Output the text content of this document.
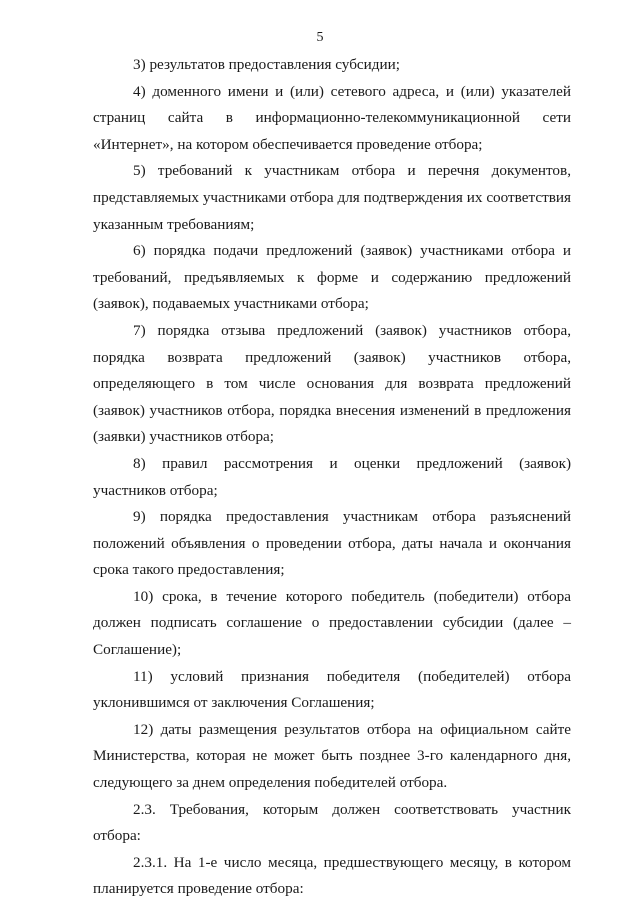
5

3) результатов предоставления субсидии;

4) доменного имени и (или) сетевого адреса, и (или) указателей страниц сайта в информационно-телекоммуникационной сети «Интернет», на котором обеспечивается проведение отбора;

5) требований к участникам отбора и перечня документов, представляемых участниками отбора для подтверждения их соответствия указанным требованиям;

6) порядка подачи предложений (заявок) участниками отбора и требований, предъявляемых к форме и содержанию предложений (заявок), подаваемых участниками отбора;

7) порядка отзыва предложений (заявок) участников отбора, порядка возврата предложений (заявок) участников отбора, определяющего в том числе основания для возврата предложений (заявок) участников отбора, порядка внесения изменений в предложения (заявки) участников отбора;

8) правил рассмотрения и оценки предложений (заявок) участников отбора;

9) порядка предоставления участникам отбора разъяснений положений объявления о проведении отбора, даты начала и окончания срока такого предоставления;

10) срока, в течение которого победитель (победители) отбора должен подписать соглашение о предоставлении субсидии (далее – Соглашение);

11) условий признания победителя (победителей) отбора уклонившимся от заключения Соглашения;

12) даты размещения результатов отбора на официальном сайте Министерства, которая не может быть позднее 3-го календарного дня, следующего за днем определения победителей отбора.

2.3. Требования, которым должен соответствовать участник отбора:

2.3.1. На 1-е число месяца, предшествующего месяцу, в котором планируется проведение отбора:
